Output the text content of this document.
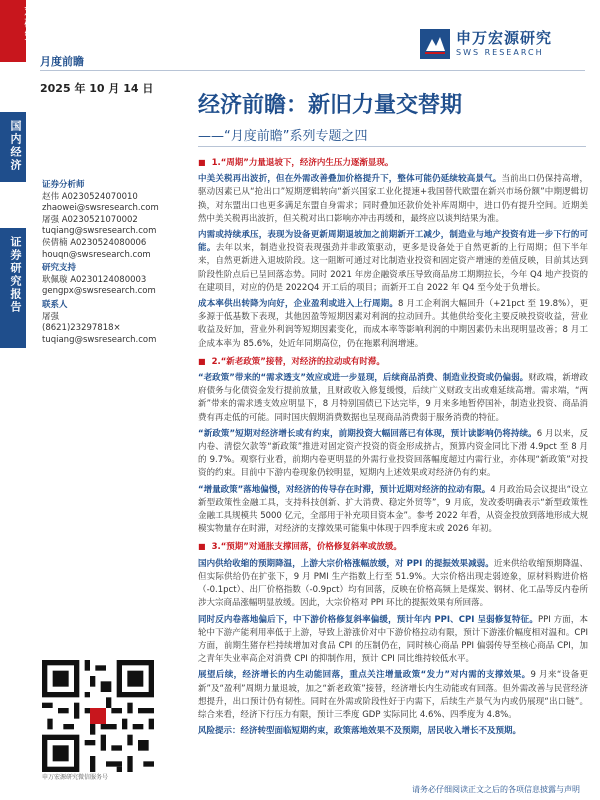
观研究
国内经济
证券研究报告
月度前瞻
2025 年 10 月 14 日
申万宏源研究
SWS RESEARCH
经济前瞻：新旧力量交替期
——“月度前瞻”系列专题之四
证券分析师
赵伟 A0230524070010
zhaowei@swsresearch.com
屠强 A0230521070002
tuqiang@swsresearch.com
侯倩楠 A0230524080006
houqn@swsresearch.com
研究支持
耿佩璇 A0230124080003
gengpx@swsresearch.com
联系人
屠强
(8621)23297818×
tuqiang@swsresearch.com
申万宏源研究微信服务号
■ 1.“周期”力量退坡下，经济内生压力逐渐显现。

中美关税再出波折，但在外需改善叠加价格提升下，整体可能仍延续较高景气。当前出口仍保持高增，驱动因素已从“抢出口”短期逻辑转向“新兴国家工业化提速+我国替代欧盟在新兴市场份额”中期逻辑切换，对东盟出口也更多满足东盟自身需求；同时叠加还款价处补库周期中，进口仍有提升空间。近期美然中美关税再出波折，但关税对出口影响亦冲击再缓和，最终应以谈判结果为准。

内需或持续承压，表现为设备更新周期退坡加之前期新开工减少，制造业与地产投资有进一步下行的可能。去年以来，制造业投资表现强劲并非政策驱动，更多是设备处于自然更新的上行周期；但下半年来，自然更新进入退坡阶段。这一阻断可通过对比制造业投资和固定资产增速的差值反映，目前其达到阶段性阶点后已呈回落态势。同时 2021 年房企融资承压导致商品房工期期拉长，今年 Q4 地产投资的在建项目，对应的仍是 2022Q4 开工后的项目；而新开工自 2022 年 Q4 至今处于负增长。

成本率供出转降为向好，企业盈利或进入上行周期。8 月工企利润大幅回升（+21pct 至 19.8%），更多源于低基数下表现，其他因盈等短期因素对利润的拉动回升。其他供给变化主要反映投资收益，营业收益及好加，营业外利润等短期因素变化，而成本率等影响利润的中期因素仍未出现明显改善；8 月工企成本率为 85.6%，处近年同期高位，仍在拖累利润增速。

■ 2.“新老政策”接替，对经济的拉动或有时滞。

“老政策”带来的“需求透支”效应或进一步显现，后续商品消费、制造业投资或仍偏弱。财政端，新增政府债务与化债资金发行提前放量，且财政收入修复缓慢，后续广义财政支出或难延续高增。需求端，“两新”带来的需求透支效应明显下，8 月特别国债已下达完毕，9 月来多地暂停国补，制造业投资、商品消费有再走低的可能。同时国庆假期消费数据也呈现商品消费弱于服务消费的特征。

“新政策”短期对经济增长或有约束，前期投资大幅回落已有体现，预计读影响仍将持续。6 月以来，反内卷、清偿欠款等“新政策”推进对固定资产投资的资金形成挤占，预算内资金同比下滑 4.9pct 至 8 月的 9.7%。观察行业看，前期内卷更明显的外需行业投资回落幅度超过内需行业，亦体现“新政策”对投资的约束。目前中下游内卷现象仍较明显，短期内上述效果或对经济仍有约束。

“增量政策”落地偏慢，对经济的传导存在时滞，预计近期对经济的拉动有限。4 月政治局会议提出“设立新型政策性金融工具，支持科技创新、扩大消费、稳定外贸等”，9 月底，发改委明确表示“新型政策性金融工具规模共 5000 亿元，全部用于补充项目资本金”。参考 2022 年看，从资金投放到落地形成大规模实物量存在时滞，对经济的支撑效果可能集中体现于四季度末或 2026 年初。

■ 3.“预期”对通胀支撑回落，价格修复斜率或放缓。

国内供给收缩的预期降温，上游大宗价格涨幅放缓，对 PPI 的提振效果减弱。近来供给收缩预期降温、但实际供给仍在扩张下，9 月 PMI 生产指数上行至 51.9%。大宗价格出现走弱迹象，原材料购进价格（-0.1pct）、出厂价格指数（-0.9pct）均有回落，反映在价格高频上是煤炭、钢材、化工品等反内卷所涉大宗商品涨幅明显放缓。因此，大宗价格对 PPI 环比的提振效果有所回落。

同时反内卷落地偏后下，中下游价格修复斜率偏缓，预计年内 PPI、CPI 呈弱修复特征。PPI 方面，本轮中下游产能利用率低于上游，导致上游涨价对中下游价格拉动有限，预计下游涨价幅度相对温和。CPI 方面，前期生猪存栏持续增加对食品 CPI 的压制仍在，同时核心商品 PPI 偏弱传导至核心商品 CPI，加之青年失业率高企对消费 CPI 的抑制作用，预计 CPI 同比维持较低水平。

展望后续，经济增长的内生动能回落，重点关注增量政策“发力”对内需的支撑效果。9 月来“设备更新”及“盈利”周期力量退坡，加之“新老政策”接替，经济增长内生动能或有回落。但外需改善与民营经济想提升，出口预计仍有韧性。同时在外需或阶段性好于内需下，后续生产景气为内或仍展现“出口链”。综合来看，经济下行压力有限，预计三季度 GDP 实际同比 4.6%、四季度为 4.8%。

风险提示：经济转型面临短期约束，政策落地效果不及预期，居民收入增长不及预期。

请务必仔细阅读正文之后的各项信息披露与声明
